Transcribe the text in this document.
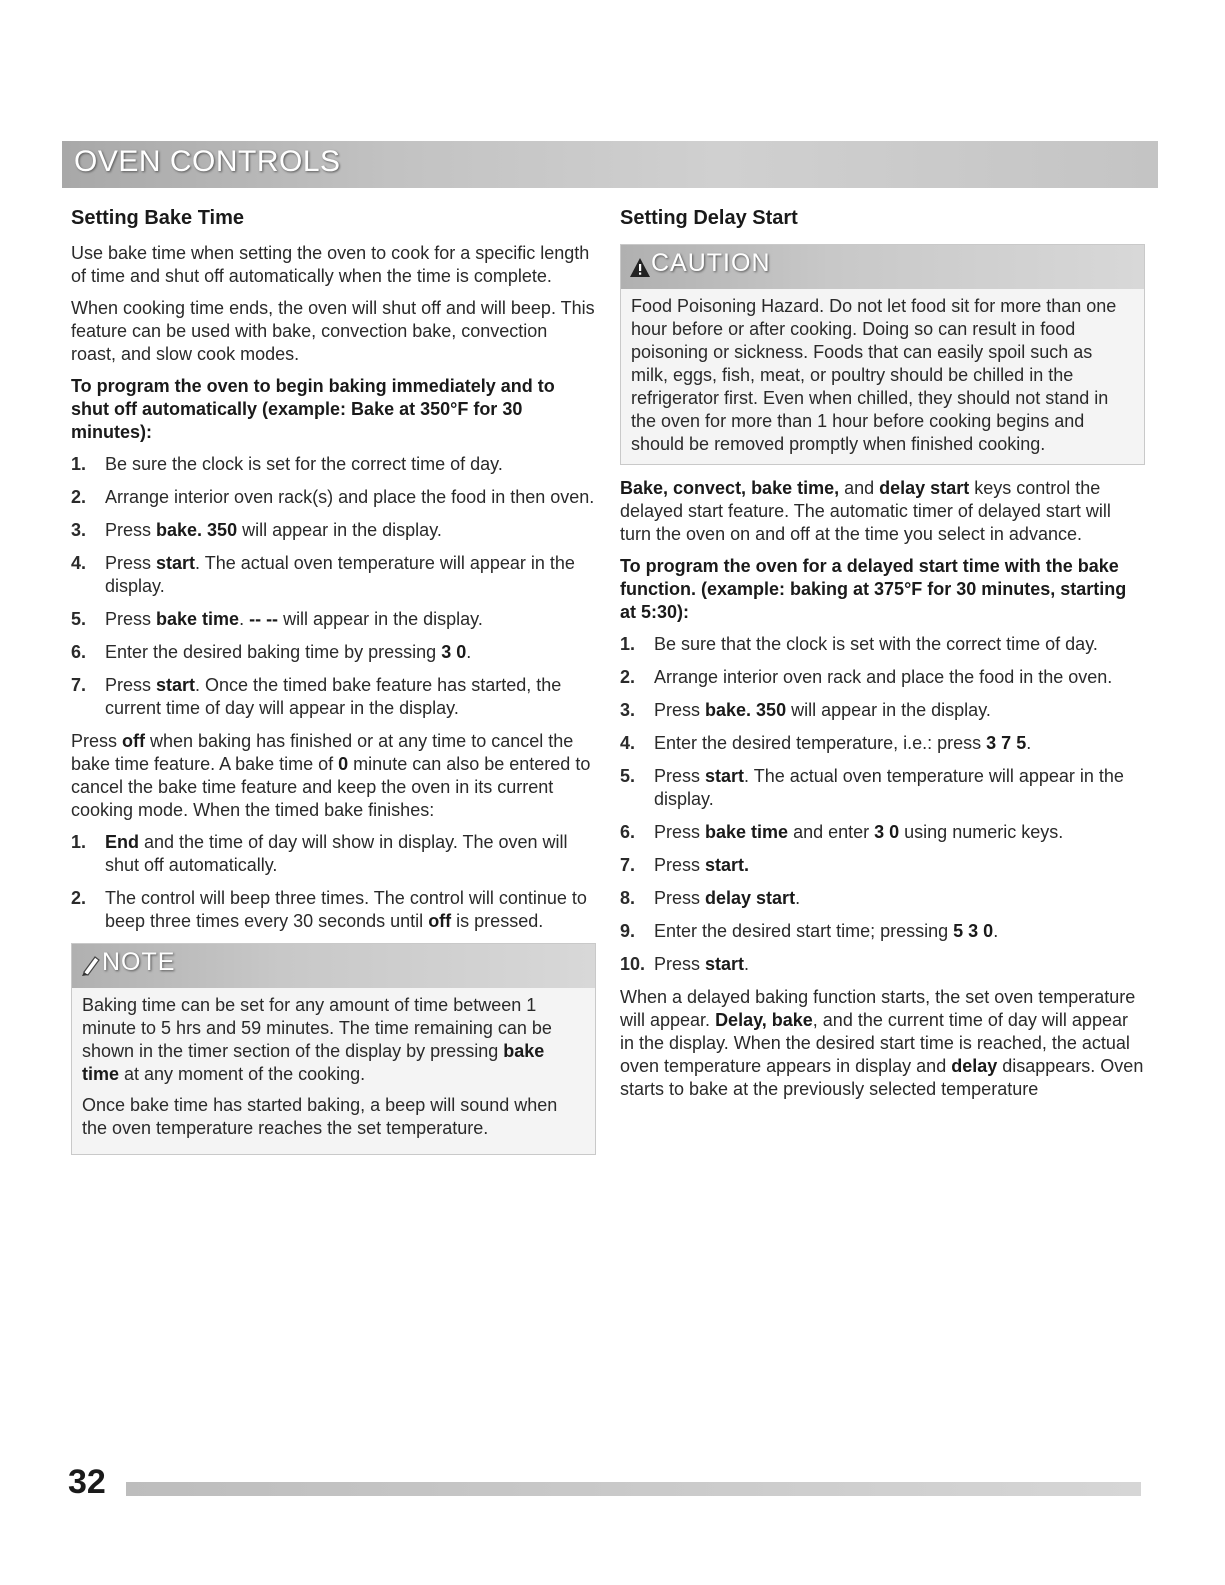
OVEN CONTROLS
Setting Bake Time

Use bake time when setting the oven to cook for a specific length of time and shut off automatically when the time is complete.

When cooking time ends, the oven will shut off and will beep. This feature can be used with bake, convection bake, convection roast, and slow cook modes.

To program the oven to begin baking immediately and to shut off automatically (example: Bake at 350°F for 30 minutes):

1. Be sure the clock is set for the correct time of day.
2. Arrange interior oven rack(s) and place the food in then oven.
3. Press bake. 350 will appear in the display.
4. Press start. The actual oven temperature will appear in the display.
5. Press bake time. -- -- will appear in the display.
6. Enter the desired baking time by pressing 3 0.
7. Press start. Once the timed bake feature has started, the current time of day will appear in the display.

Press off when baking has finished or at any time to cancel the bake time feature. A bake time of 0 minute can also be entered to cancel the bake time feature and keep the oven in its current cooking mode. When the timed bake finishes:

1. End and the time of day will show in display. The oven will shut off automatically.
2. The control will beep three times. The control will continue to beep three times every 30 seconds until off is pressed.
NOTE

Baking time can be set for any amount of time between 1 minute to 5 hrs and 59 minutes. The time remaining can be shown in the timer section of the display by pressing bake time at any moment of the cooking.

Once bake time has started baking, a beep will sound when the oven temperature reaches the set temperature.

Setting Delay Start
CAUTION

Food Poisoning Hazard. Do not let food sit for more than one hour before or after cooking. Doing so can result in food poisoning or sickness. Foods that can easily spoil such as milk, eggs, fish, meat, or poultry should be chilled in the refrigerator first. Even when chilled, they should not stand in the oven for more than 1 hour before cooking begins and should be removed promptly when finished cooking.

Bake, convect, bake time, and delay start keys control the delayed start feature. The automatic timer of delayed start will turn the oven on and off at the time you select in advance.

To program the oven for a delayed start time with the bake function. (example: baking at 375°F for 30 minutes, starting at 5:30):

1. Be sure that the clock is set with the correct time of day.
2. Arrange interior oven rack and place the food in the oven.
3. Press bake. 350 will appear in the display.
4. Enter the desired temperature, i.e.: press 3 7 5.
5. Press start. The actual oven temperature will appear in the display.
6. Press bake time and enter 3 0 using numeric keys.
7. Press start.
8. Press delay start.
9. Enter the desired start time; pressing 5 3 0.
10. Press start.

When a delayed baking function starts, the set oven temperature will appear. Delay, bake, and the current time of day will appear in the display. When the desired start time is reached, the actual oven temperature appears in display and delay disappears. Oven starts to bake at the previously selected temperature

32
